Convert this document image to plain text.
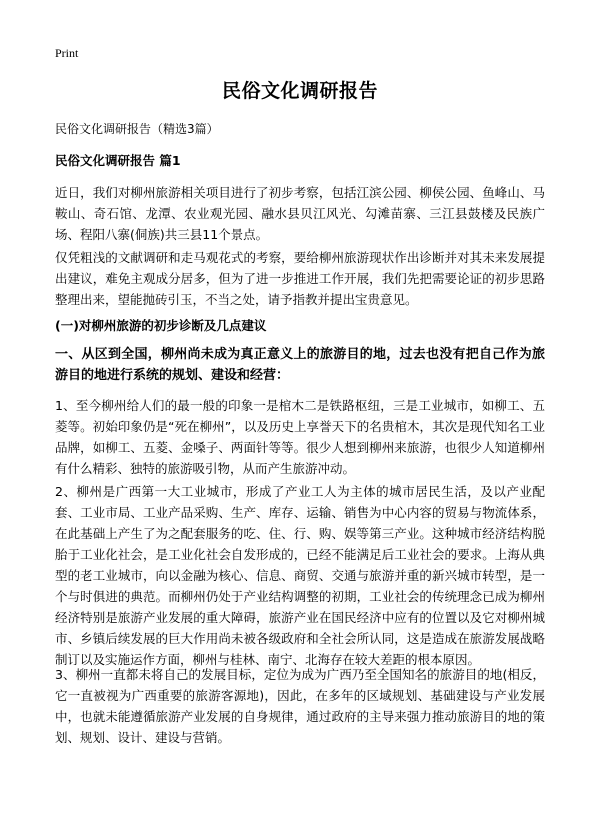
Print
民俗文化调研报告
民俗文化调研报告（精选3篇）
民俗文化调研报告 篇1
近日，我们对柳州旅游相关项目进行了初步考察，包括江滨公园、柳侯公园、鱼峰山、马鞍山、奇石馆、龙潭、农业观光园、融水县贝江风光、勾滩苗寨、三江县鼓楼及民族广场、程阳八寨(侗族)共三县11个景点。
仅凭粗浅的文献调研和走马观花式的考察，要给柳州旅游现状作出诊断并对其未来发展提出建议，难免主观成分居多，但为了进一步推进工作开展，我们先把需要论证的初步思路整理出来，望能抛砖引玉，不当之处，请予指教并提出宝贵意见。
(一)对柳州旅游的初步诊断及几点建议
一、从区到全国，柳州尚未成为真正意义上的旅游目的地，过去也没有把自己作为旅游目的地进行系统的规划、建设和经营：
1、至今柳州给人们的最一般的印象一是棺木二是铁路枢纽，三是工业城市，如柳工、五菱等。初始印象仍是“死在柳州”，以及历史上享誉天下的名贵棺木，其次是现代知名工业品牌，如柳工、五菱、金嗓子、两面针等等。很少人想到柳州来旅游，也很少人知道柳州有什么精彩、独特的旅游吸引物，从而产生旅游冲动。
2、柳州是广西第一大工业城市，形成了产业工人为主体的城市居民生活，及以产业配套、工业市局、工业产品采购、生产、库存、运输、销售为中心内容的贸易与物流体系，在此基础上产生了为之配套服务的吃、住、行、购、娱等第三产业。这种城市经济结构脱胎于工业化社会，是工业化社会自发形成的，已经不能满足后工业社会的要求。上海从典型的老工业城市，向以金融为核心、信息、商贸、交通与旅游并重的新兴城市转型，是一个与时俱进的典范。而柳州仍处于产业结构调整的初期，工业社会的传统理念已成为柳州经济特别是旅游产业发展的重大障碍，旅游产业在国民经济中应有的位置以及它对柳州城市、乡镇后续发展的巨大作用尚未被各级政府和全社会所认同，这是造成在旅游发展战略制订以及实施运作方面，柳州与桂林、南宁、北海存在较大差距的根本原因。
3、柳州一直都未将自己的发展目标，定位为成为广西乃至全国知名的旅游目的地(相反，它一直被视为广西重要的旅游客源地)，因此，在多年的区域规划、基础建设与产业发展中，也就未能遵循旅游产业发展的自身规律，通过政府的主导来强力推动旅游目的地的策划、规划、设计、建设与营销。
